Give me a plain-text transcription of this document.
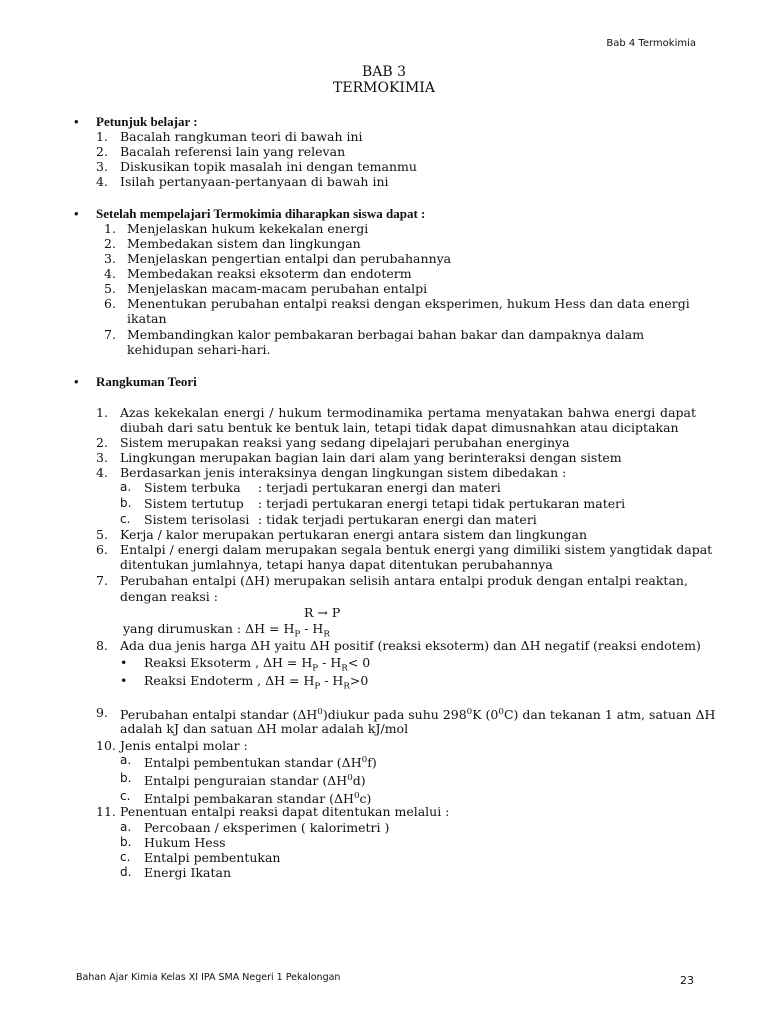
Bab 4 Termokimia
BAB 3
TERMOKIMIA
• Petunjuk belajar :
1. Bacalah rangkuman teori di bawah ini
2. Bacalah referensi lain yang relevan
3. Diskusikan topik masalah ini dengan temanmu
4. Isilah pertanyaan-pertanyaan di bawah ini
• Setelah mempelajari Termokimia diharapkan siswa dapat :
1. Menjelaskan hukum kekekalan energi
2. Membedakan sistem dan lingkungan
3. Menjelaskan pengertian entalpi dan perubahannya
4. Membedakan reaksi eksoterm dan endoterm
5. Menjelaskan macam-macam perubahan entalpi
6. Menentukan perubahan entalpi reaksi dengan eksperimen, hukum Hess dan data energi
ikatan
7. Membandingkan kalor pembakaran berbagai bahan bakar dan dampaknya dalam
kehidupan sehari-hari.
• Rangkuman Teori
1. Azas kekekalan energi / hukum termodinamika pertama menyatakan bahwa energi dapat
diubah dari satu bentuk ke bentuk lain, tetapi tidak dapat dimusnahkan atau diciptakan
2. Sistem merupakan reaksi yang sedang dipelajari perubahan energinya
3. Lingkungan merupakan bagian lain dari alam yang berinteraksi dengan sistem
4. Berdasarkan jenis interaksinya dengan lingkungan sistem dibedakan :
a. Sistem terbuka : terjadi pertukaran energi dan materi
b. Sistem tertutup : terjadi pertukaran energi tetapi tidak pertukaran materi
c. Sistem terisolasi : tidak terjadi pertukaran energi dan materi
5. Kerja / kalor merupakan pertukaran energi antara sistem dan lingkungan
6. Entalpi / energi dalam merupakan segala bentuk energi yang dimiliki sistem yangtidak dapat
ditentukan jumlahnya, tetapi hanya dapat ditentukan perubahannya
7. Perubahan entalpi (ΔH) merupakan selisih antara entalpi produk dengan entalpi reaktan,
dengan reaksi :
R → P
yang dirumuskan : $\Delta H = H_P - H_R$
8. Ada dua jenis harga ΔH yaitu ΔH positif (reaksi eksoterm) dan ΔH negatif (reaksi endotem)
• Reaksi Eksoterm , $\Delta H = H_P - H_R< 0$
• Reaksi Endoterm , $\Delta H = H_P - H_R>0$
9. Perubahan entalpi standar $(\Delta H^0)diukur$ pada suhu $298^0K$ $(0^0C)$ dan tekanan 1 atm, satuan ΔH
adalah kJ dan satuan ΔH molar adalah kJ/mol
10. Jenis entalpi molar :
a. Entalpi pembentukan standar $(\Delta H^0f)$
b. Entalpi penguraian standar $(\Delta H^0d)$
c. Entalpi pembakaran standar $(\Delta H^0c)$
11. Penentuan entalpi reaksi dapat ditentukan melalui :
a. Percobaan / eksperimen ( kalorimetri )
b. Hukum Hess
c. Entalpi pembentukan
d. Energi Ikatan
Bahan Ajar Kimia Kelas XI IPA SMA Negeri 1 Pekalongan	23
